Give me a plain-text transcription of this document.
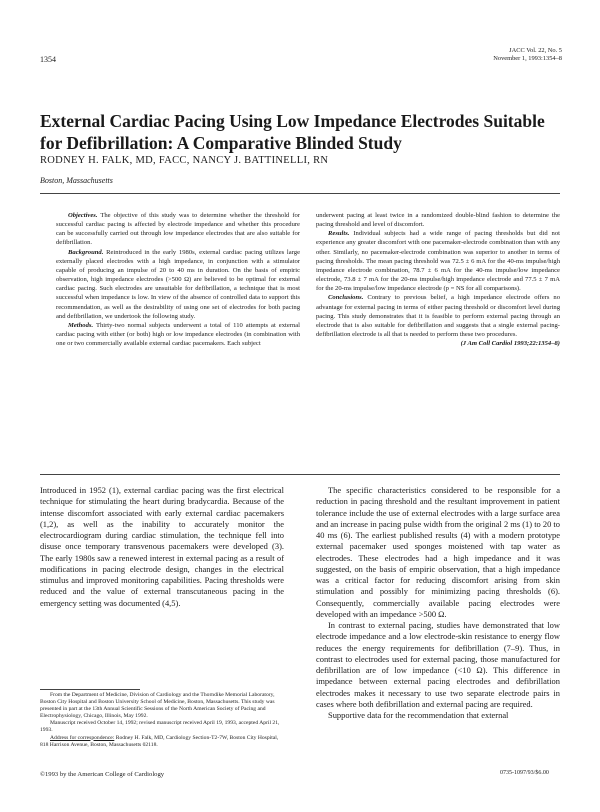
1354
JACC Vol. 22, No. 5
November 1, 1993:1354–8
External Cardiac Pacing Using Low Impedance Electrodes Suitable for Defibrillation: A Comparative Blinded Study
RODNEY H. FALK, MD, FACC, NANCY J. BATTINELLI, RN
Boston, Massachusetts

Objectives. The objective of this study was to determine whether the threshold for successful cardiac pacing is affected by electrode impedance and whether this procedure can be successfully carried out through low impedance electrodes that are also suitable for defibrillation.

Background. Reintroduced in the early 1980s, external cardiac pacing utilizes large externally placed electrodes with a high impedance, in conjunction with a stimulator capable of producing an impulse of 20 to 40 ms in duration. On the basis of empiric observation, high impedance electrodes (>500 Ω) are believed to be optimal for external cardiac pacing. Such electrodes are unsuitable for defibrillation, a technique that is most successful when impedance is low. In view of the absence of controlled data to support this recommendation, as well as the desirability of using one set of electrodes for both pacing and defibrillation, we undertook the following study.

Methods. Thirty-two normal subjects underwent a total of 110 attempts at external cardiac pacing with either (or both) high or low impedance electrodes (in combination with one or two commercially available external cardiac pacemakers. Each subject

underwent pacing at least twice in a randomized double-blind fashion to determine the pacing threshold and level of discomfort.

Results. Individual subjects had a wide range of pacing thresholds but did not experience any greater discomfort with one pacemaker-electrode combination than with any other. Similarly, no pacemaker-electrode combination was superior to another in terms of pacing thresholds. The mean pacing threshold was 72.5 ± 6 mA for the 40-ms impulse/high impedance electrode combination, 78.7 ± 6 mA for the 40-ms impulse/low impedance electrode, 73.8 ± 7 mA for the 20-ms impulse/high impedance electrode and 77.5 ± 7 mA for the 20-ms impulse/low impedance electrode (p = NS for all comparisons).

Conclusions. Contrary to previous belief, a high impedance electrode offers no advantage for external pacing in terms of either pacing threshold or discomfort level during pacing. This study demonstrates that it is feasible to perform external pacing through an electrode that is also suitable for defibrillation and suggests that a single external pacing-defibrillation electrode is all that is needed to perform these two procedures.

(J Am Coll Cardiol 1993;22:1354–8)

Introduced in 1952 (1), external cardiac pacing was the first electrical technique for stimulating the heart during bradycardia. Because of the intense discomfort associated with early external cardiac pacemakers (1,2), as well as the inability to accurately monitor the electrocardiogram during cardiac stimulation, the technique fell into disuse once temporary transvenous pacemakers were developed (3). The early 1980s saw a renewed interest in external pacing as a result of modifications in pacing electrode design, changes in the electrical stimulus and improved monitoring capabilities. Pacing thresholds were reduced and the value of external transcutaneous pacing in the emergency setting was documented (4,5).

The specific characteristics considered to be responsible for a reduction in pacing threshold and the resultant improvement in patient tolerance include the use of external electrodes with a large surface area and an increase in pacing pulse width from the original 2 ms (1) to 20 to 40 ms (6). The earliest published results (4) with a modern prototype external pacemaker used sponges moistened with tap water as electrodes. These electrodes had a high impedance and it was suggested, on the basis of empiric observation, that a high impedance was a critical factor for reducing discomfort arising from skin stimulation and possibly for minimizing pacing thresholds (6). Consequently, commercially available pacing electrodes were developed with an impedance >500 Ω.

In contrast to external pacing, studies have demonstrated that low electrode impedance and a low electrode-skin resistance to energy flow reduces the energy requirements for defibrillation (7–9). Thus, in contrast to electrodes used for external pacing, those manufactured for defibrillation are of low impedance (<10 Ω). This difference in impedance between external pacing electrodes and defibrillation electrodes makes it necessary to use two separate electrode pairs in cases where both defibrillation and external pacing are required.

Supportive data for the recommendation that external

From the Department of Medicine, Division of Cardiology and the Thorndike Memorial Laboratory, Boston City Hospital and Boston University School of Medicine, Boston, Massachusetts. This study was presented in part at the 13th Annual Scientific Sessions of the North American Society of Pacing and Electrophysiology, Chicago, Illinois, May 1992.

Manuscript received October 14, 1992; revised manuscript received April 19, 1993, accepted April 21, 1993.

Address for correspondence: Rodney H. Falk, MD, Cardiology Section-T2-7W, Boston City Hospital, 818 Harrison Avenue, Boston, Massachusetts 02118.

©1993 by the American College of Cardiology	0735-1097/93/$6.00
